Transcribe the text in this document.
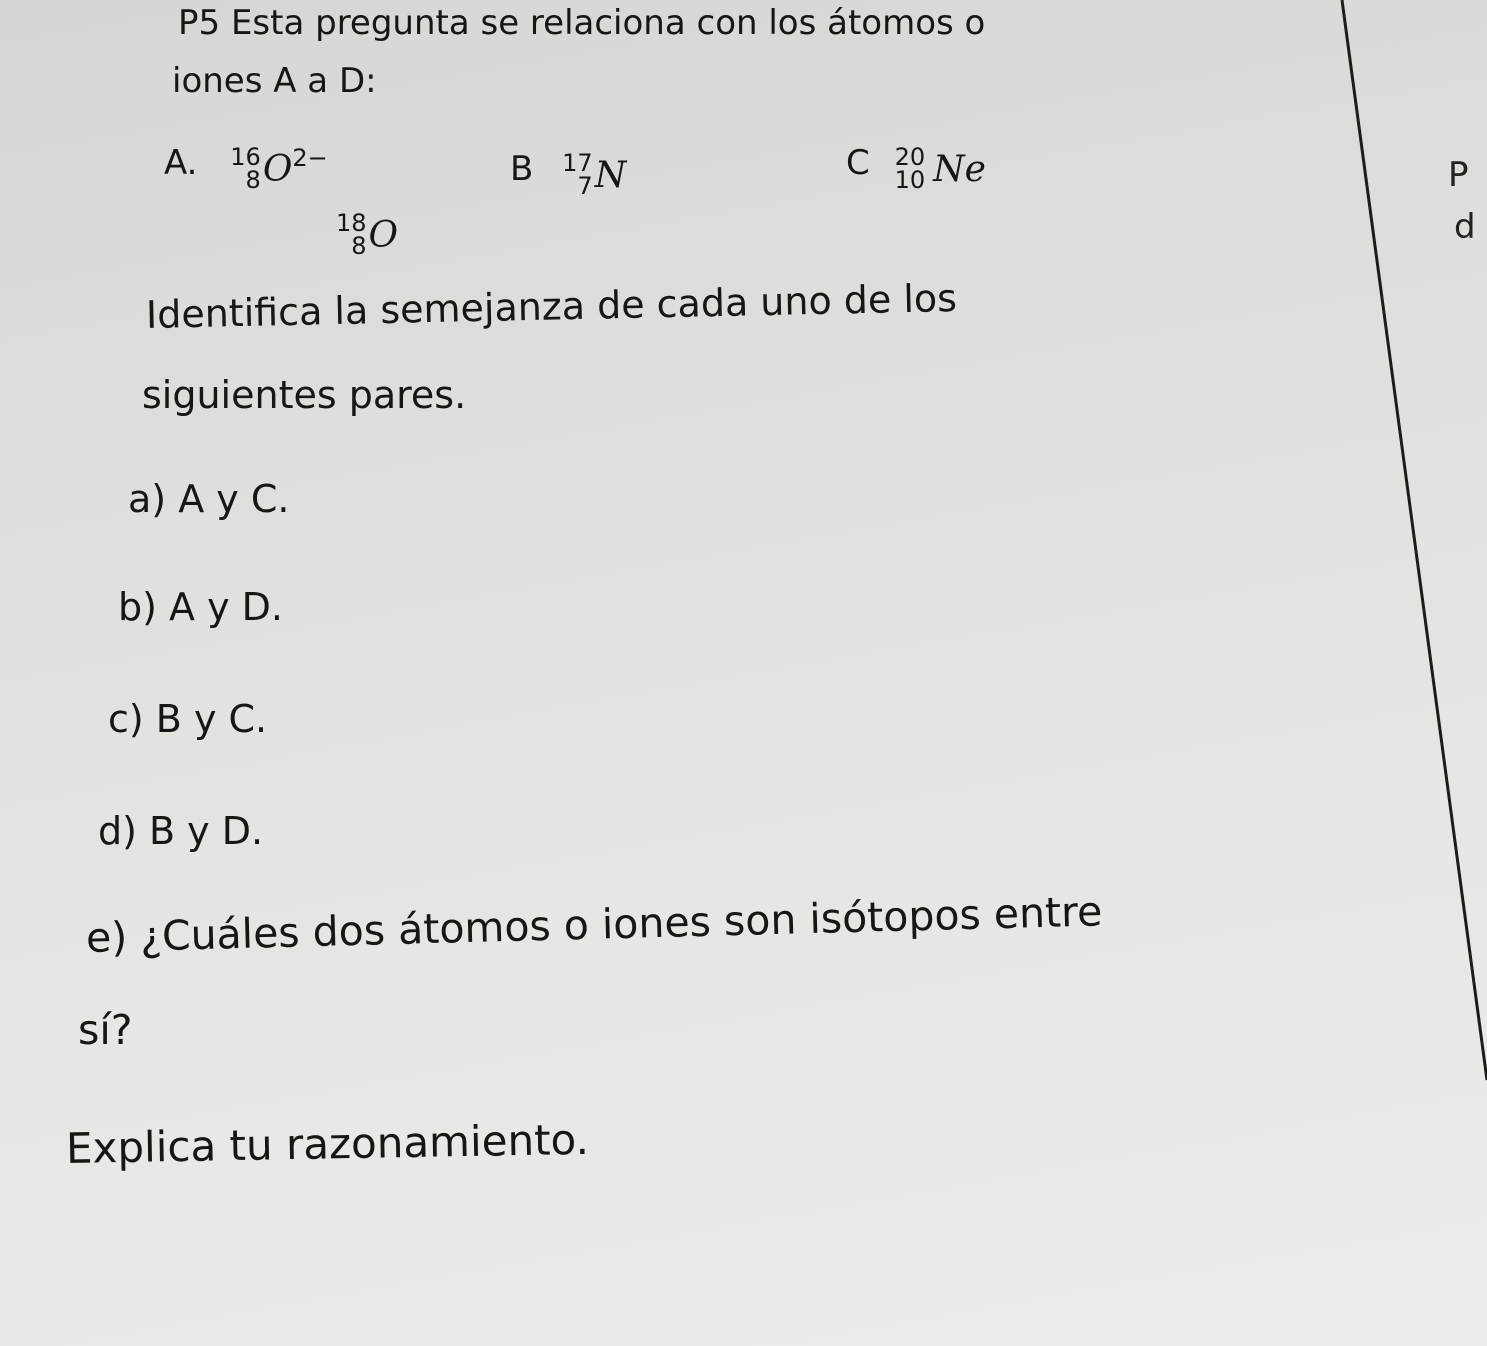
P5 Esta pregunta se relaciona con los átomos o
iones A a D:
A. 16
8 $O^{2-}$	B 17
7 N	C 20
10 Ne
18
8 O
P
d
Identifica la semejanza de cada uno de los
siguientes pares.
a) A y C.
b) A y D.
c) B y C.
d) B y D.
e) ¿Cuáles dos átomos o iones son isótopos entre
sí?
Explica tu razonamiento.
